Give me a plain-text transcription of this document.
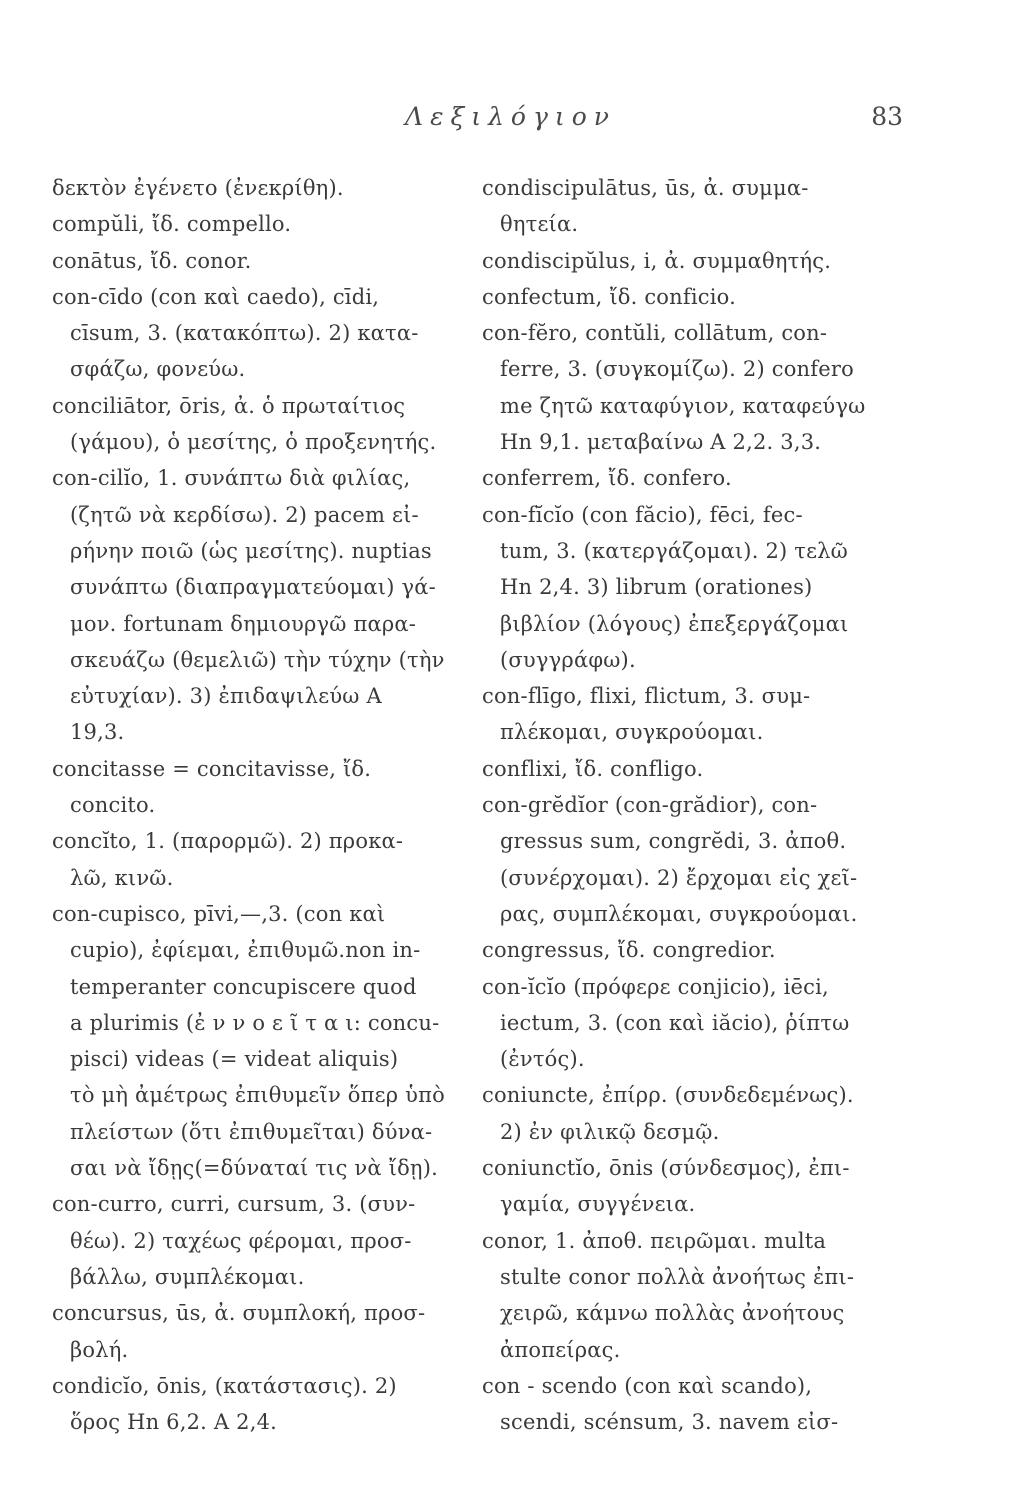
Λεξιλόγιον	83
δεκτὸν ἐγένετο (ἐνεκρίθη).
compŭli, ἴδ. compello.
conātus, ἴδ. conor.
con-cīdo (con καὶ caedo), cīdi,
cīsum, 3. (κατακόπτω). 2) κατα-
σφάζω, φονεύω.
conciliātor, ōris, ἀ. ὁ πρωταίτιος
(γάμου), ὁ μεσίτης, ὁ προξενητής.
con-cilĭo, 1. συνάπτω διὰ φιλίας,
(ζητῶ νὰ κερδίσω). 2) pacem εἰ-
ρήνην ποιῶ (ὡς μεσίτης). nuptias
συνάπτω (διαπραγματεύομαι) γά-
μον. fortunam δημιουργῶ παρα-
σκευάζω (θεμελιῶ) τὴν τύχην (τὴν
εὐτυχίαν). 3) ἐπιδαψιλεύω Α
19,3.
concitasse = concitavisse, ἴδ.
concito.
concĭto, 1. (παρορμῶ). 2) προκα-
λῶ, κινῶ.
con-cupisco, pīvi,—,3. (con καὶ
cupio), ἐφίεμαι, ἐπιθυμῶ.non in-
temperanter concupiscere quod
a plurimis (ἐ ν ν ο ε ῖ τ α ι: concu-
pisci) videas (= videat aliquis)
τὸ μὴ ἀμέτρως ἐπιθυμεῖν ὅπερ ὑπὸ
πλείστων (ὅτι ἐπιθυμεῖται) δύνα-
σαι νὰ ἴδῃς(=δύναταί τις νὰ ἴδῃ).
con-curro, curri, cursum, 3. (συν-
θέω). 2) ταχέως φέρομαι, προσ-
βάλλω, συμπλέκομαι.
concursus, ūs, ἀ. συμπλοκή, προσ-
βολή.
condicĭo, ōnis, (κατάστασις). 2)
ὅρος Hn 6,2. A 2,4.
condiscipulātus, ūs, ἀ. συμμα-
θητεία.
condiscipŭlus, i, ἀ. συμμαθητής.
confectum, ἴδ. conficio.
con-fĕro, contŭli, collātum, con-
ferre, 3. (συγκομίζω). 2) confero
me ζητῶ καταφύγιον, καταφεύγω
Hn 9,1. μεταβαίνω A 2,2. 3,3.
conferrem, ἴδ. confero.
con-fĭcĭo (con făcio), fēci, fec-
tum, 3. (κατεργάζομαι). 2) τελῶ
Hn 2,4. 3) librum (orationes)
βιβλίον (λόγους) ἐπεξεργάζομαι
(συγγράφω).
con-flīgo, flixi, flictum, 3. συμ-
πλέκομαι, συγκρούομαι.
conflixi, ἴδ. confligo.
con-grĕdĭor (con-grădior), con-
gressus sum, congrĕdi, 3. ἀποθ.
(συνέρχομαι). 2) ἔρχομαι εἰς χεῖ-
ρας, συμπλέκομαι, συγκρούομαι.
congressus, ἴδ. congredior.
con-ĭcĭo (πρόφερε conjicio), iēci,
iectum, 3. (con καὶ iăcio), ῥίπτω
(ἐντός).
coniuncte, ἐπίρρ. (συνδεδεμένως).
2) ἐν φιλικῷ δεσμῷ.
coniunctĭo, ōnis (σύνδεσμος), ἐπι-
γαμία, συγγένεια.
conor, 1. ἀποθ. πειρῶμαι. multa
stulte conor πολλὰ ἀνοήτως ἐπι-
χειρῶ, κάμνω πολλὰς ἀνοήτους
ἀποπείρας.
con - scendo (con καὶ scando),
scendi, scénsum, 3. navem εἰσ-
